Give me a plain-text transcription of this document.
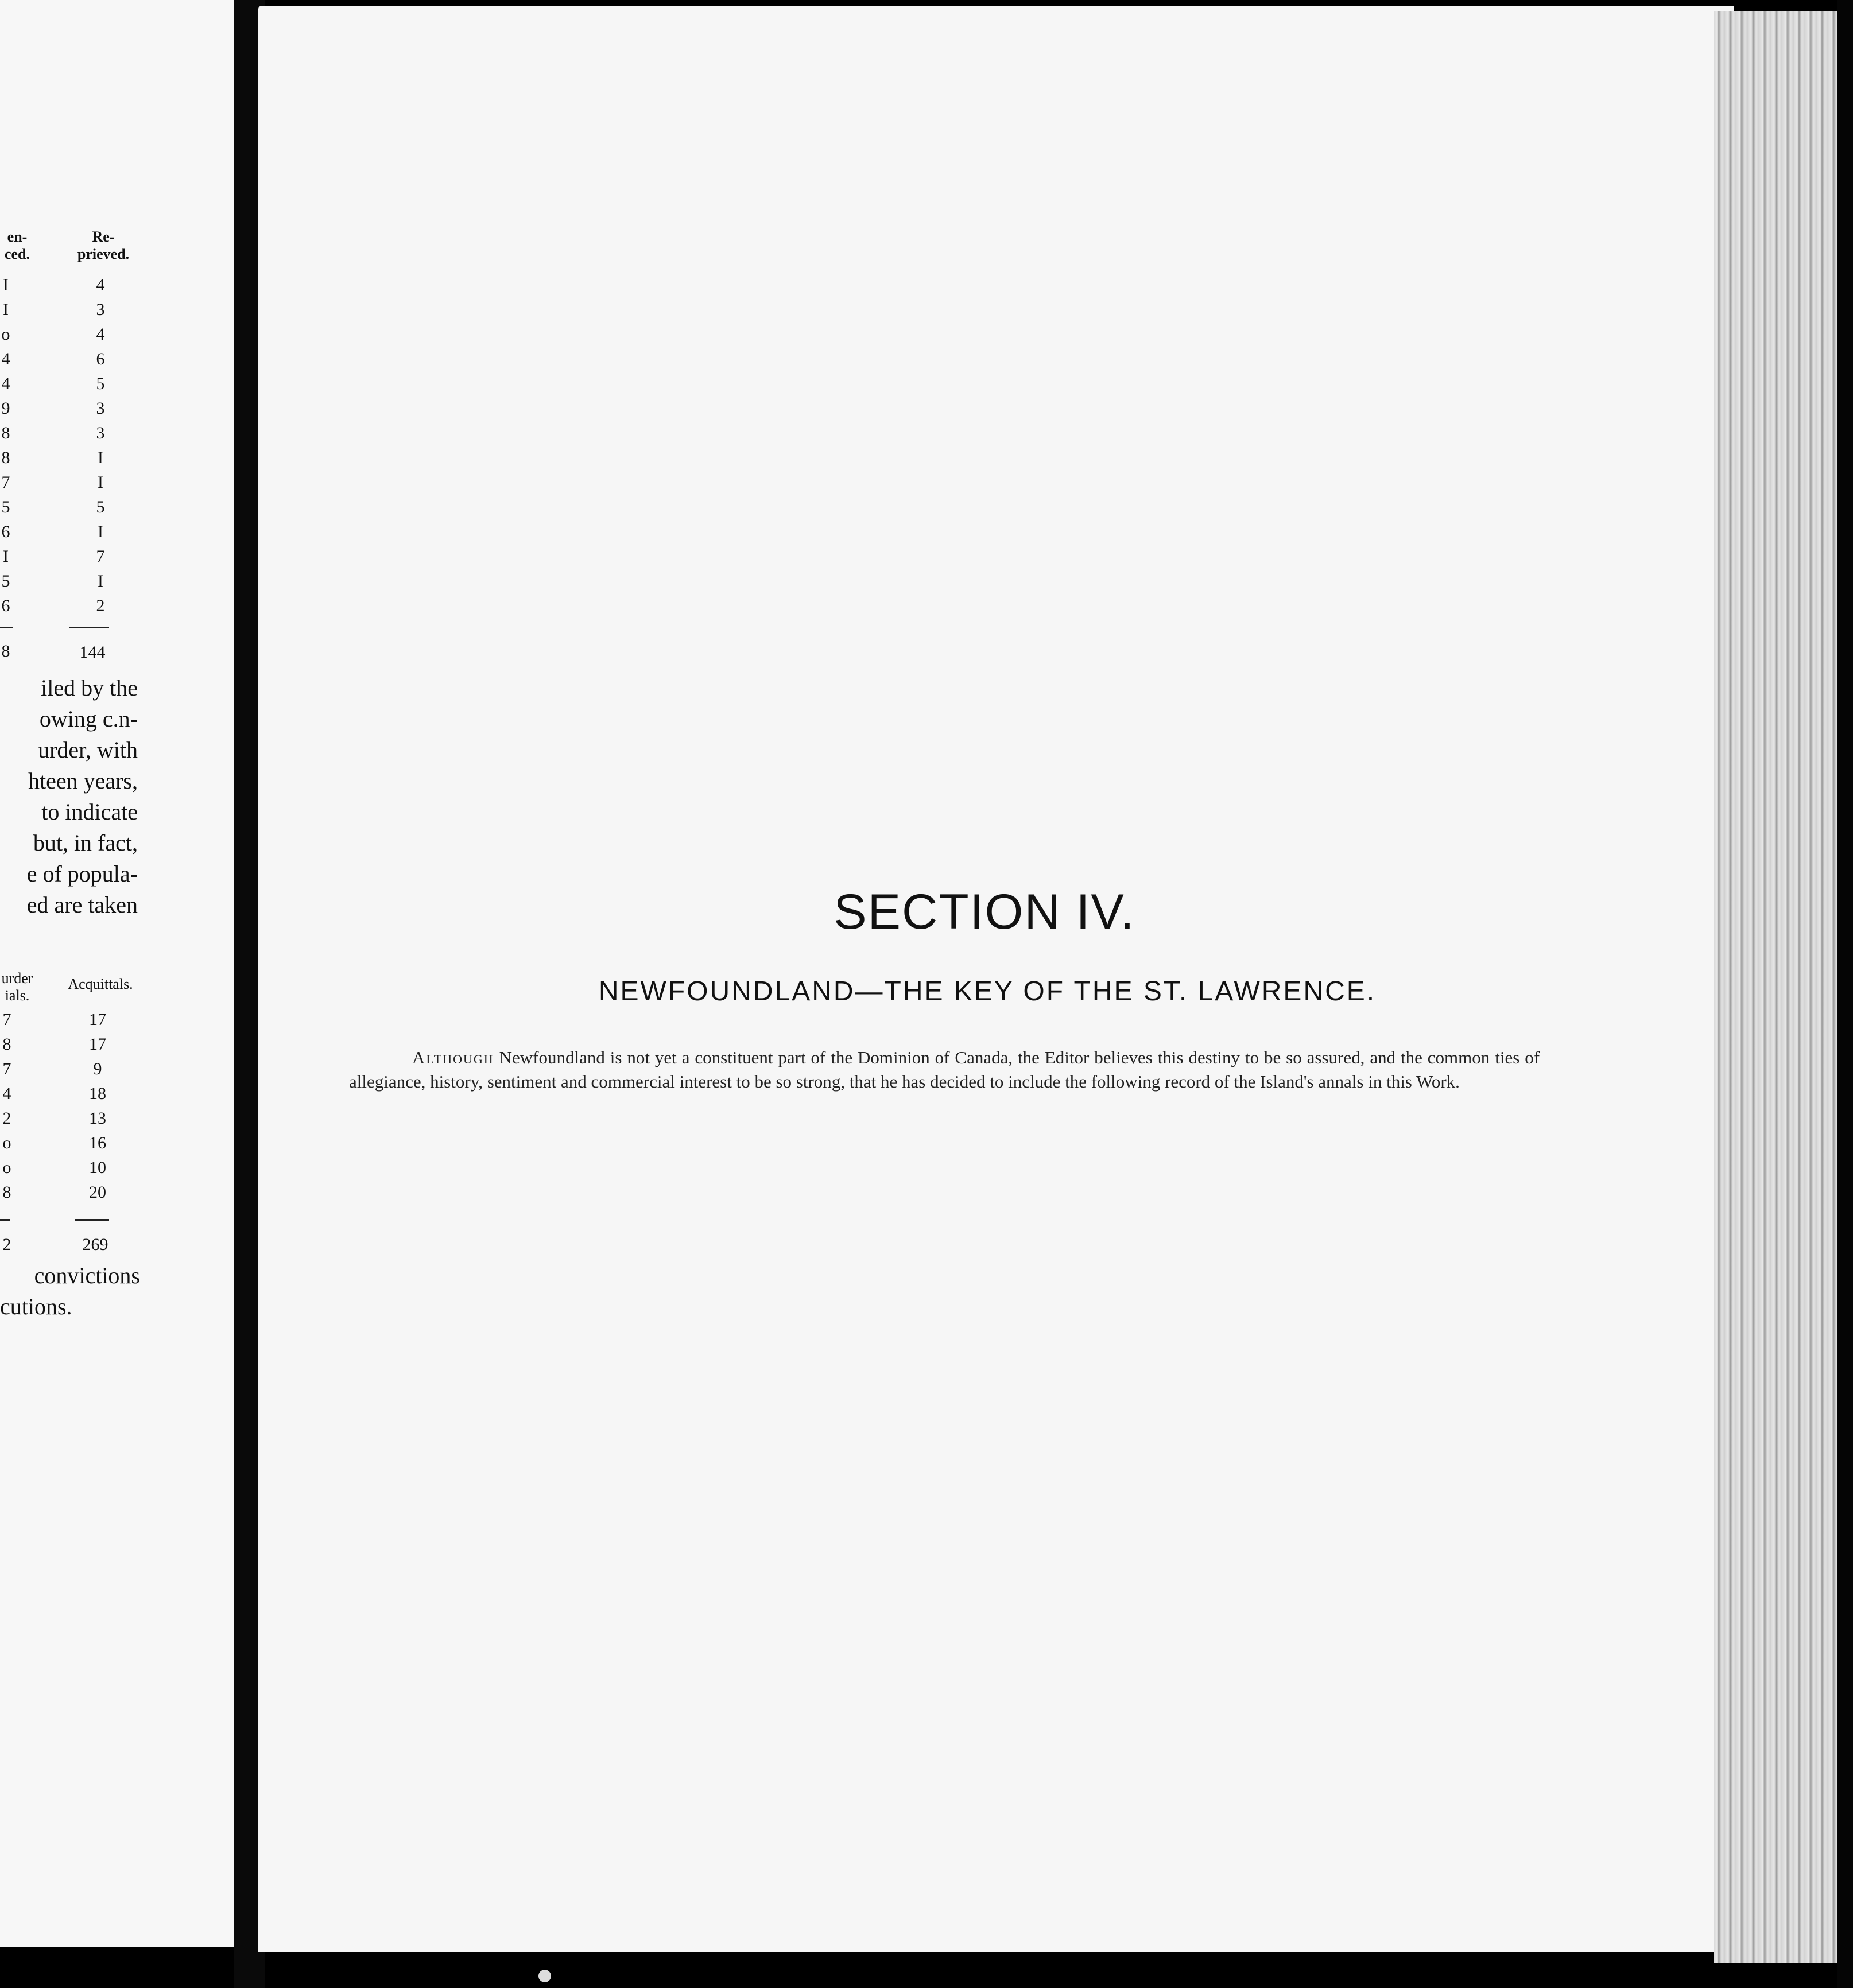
en-
ced.
Re-
prieved.
I
I
o
4
4
9
8
8
7
5
6
I
5
6
4
3
4
6
5
3
3
I
I
5
I
7
I
2
8	144
iled by the
owing c.n-
urder, with
hteen years,
to indicate
but, in fact,
e of popula-
ed are taken
urder
ials.
Acquittals.
7
8
7
4
2
o
o
8
17
17
9
18
13
16
10
20
2	269
convictions
cutions.
SECTION IV.
NEWFOUNDLAND—THE KEY OF THE ST. LAWRENCE.
Although Newfoundland is not yet a constituent part of the Dominion of Canada, the Editor believes this destiny to be so assured, and the common ties of allegiance, history, sentiment and commercial interest to be so strong, that he has decided to include the following record of the Island's annals in this Work.
